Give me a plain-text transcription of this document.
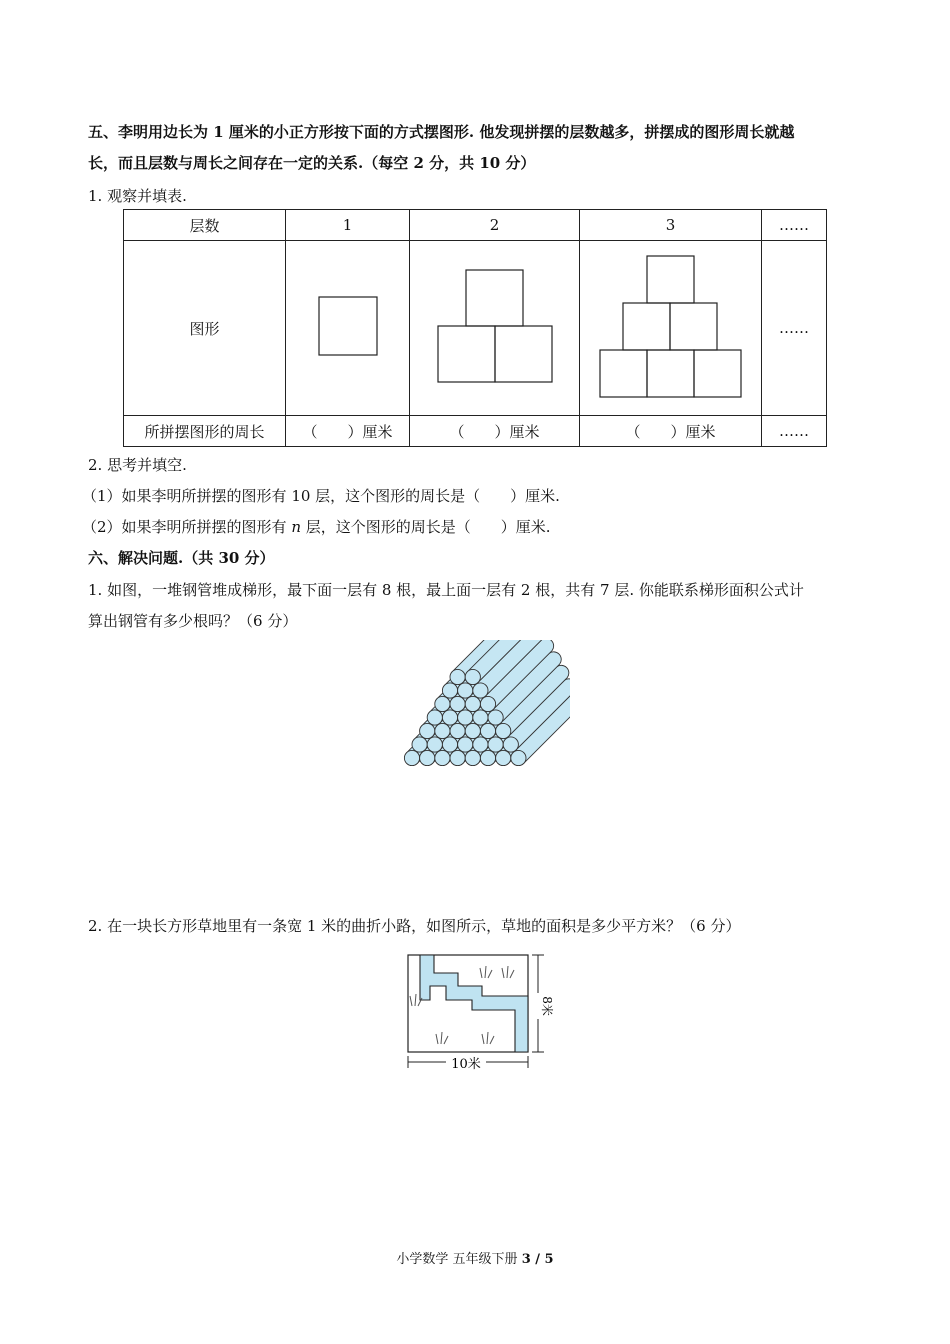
五、李明用边长为 1 厘米的小正方形按下面的方式摆图形. 他发现拼摆的层数越多，拼摆成的图形周长就越
长，而且层数与周长之间存在一定的关系.（每空 2 分，共 10 分）
1. 观察并填表.
层数	1	2	3	……
图形				……
所拼摆图形的周长	（　　）厘米	（　　）厘米	（　　）厘米	……
2. 思考并填空.
（1）如果李明所拼摆的图形有 10 层，这个图形的周长是（　　）厘米.
（2）如果李明所拼摆的图形有 n 层，这个图形的周长是（　　）厘米.
六、解决问题.（共 30 分）
1. 如图，一堆钢管堆成梯形，最下面一层有 8 根，最上面一层有 2 根，共有 7 层. 你能联系梯形面积公式计
算出钢管有多少根吗？（6 分）
2. 在一块长方形草地里有一条宽 1 米的曲折小路，如图所示，草地的面积是多少平方米？（6 分）
10米
8米
小学数学 五年级下册 3 / 5
